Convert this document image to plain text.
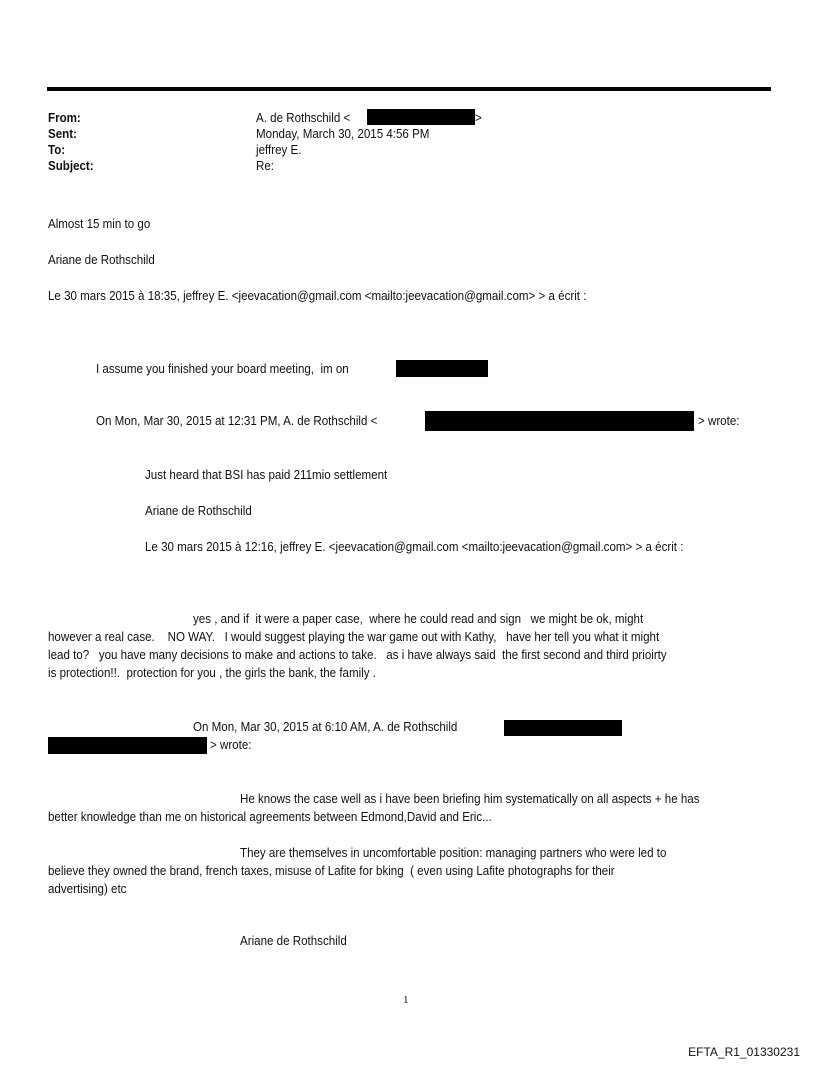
From:	A. de Rothschild <	>
Sent:	Monday, March 30, 2015 4:56 PM
To:	jeffrey E.
Subject:	Re:
Almost 15 min to go
Ariane de Rothschild
Le 30 mars 2015 à 18:35, jeffrey E. <jeevacation@gmail.com <mailto:jeevacation@gmail.com> > a écrit :
I assume you finished your board meeting,  im on
On Mon, Mar 30, 2015 at 12:31 PM, A. de Rothschild <	> wrote:
Just heard that BSI has paid 211mio settlement
Ariane de Rothschild
Le 30 mars 2015 à 12:16, jeffrey E. <jeevacation@gmail.com <mailto:jeevacation@gmail.com> > a écrit :
yes , and if  it were a paper case,  where he could read and sign   we might be ok, might
however a real case.    NO WAY.   I would suggest playing the war game out with Kathy,   have her tell you what it might
lead to?   you have many decisions to make and actions to take.   as i have always said  the first second and third prioirty
is protection!!.  protection for you , the girls the bank, the family .
On Mon, Mar 30, 2015 at 6:10 AM, A. de Rothschild
> wrote:
He knows the case well as i have been briefing him systematically on all aspects + he has
better knowledge than me on historical agreements between Edmond,David and Eric...
They are themselves in uncomfortable position: managing partners who were led to
believe they owned the brand, french taxes, misuse of Lafite for bking  ( even using Lafite photographs for their
advertising) etc
Ariane de Rothschild
1
EFTA_R1_01330231
